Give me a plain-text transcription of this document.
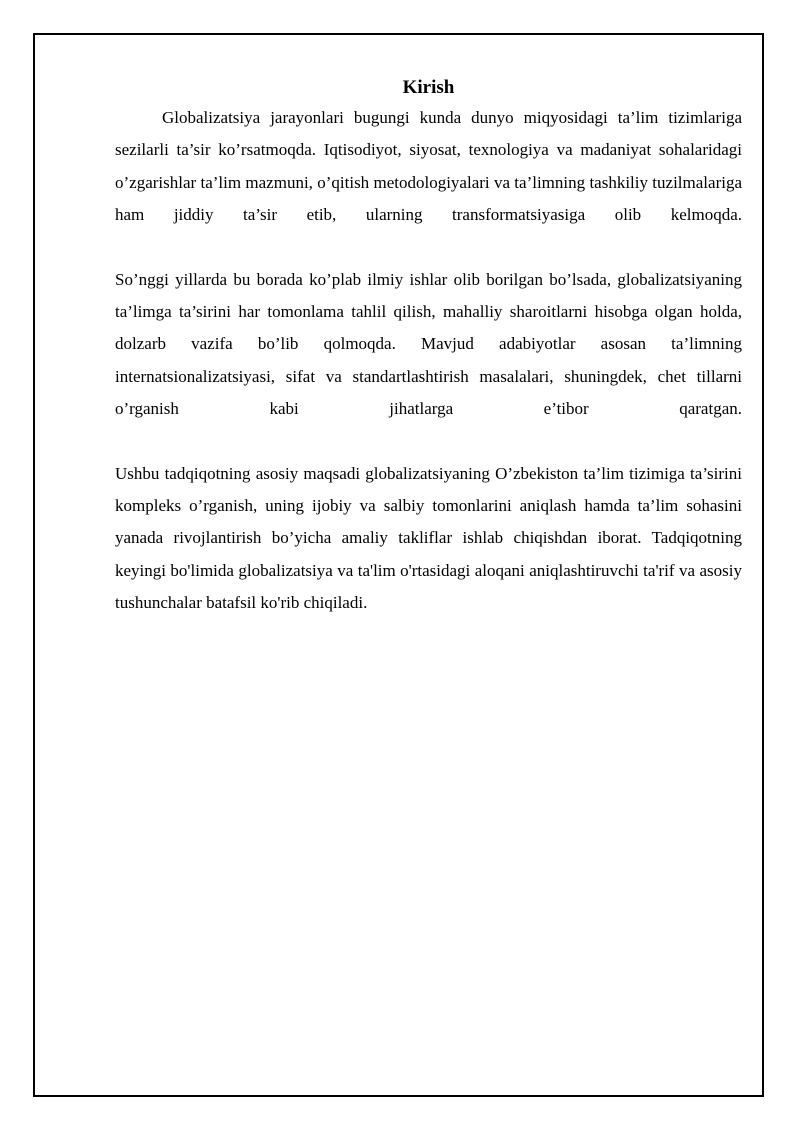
Kirish

Globalizatsiya jarayonlari bugungi kunda dunyo miqyosidagi ta’lim tizimlariga sezilarli ta’sir ko’rsatmoqda. Iqtisodiyot, siyosat, texnologiya va madaniyat sohalaridagi o’zgarishlar ta’lim mazmuni, o’qitish metodologiyalari va ta’limning tashkiliy tuzilmalariga ham jiddiy ta’sir etib, ularning transformatsiyasiga olib kelmoqda.

So’nggi yillarda bu borada ko’plab ilmiy ishlar olib borilgan bo’lsada, globalizatsiyaning ta’limga ta’sirini har tomonlama tahlil qilish, mahalliy sharoitlarni hisobga olgan holda, dolzarb vazifa bo’lib qolmoqda. Mavjud adabiyotlar asosan ta’limning internatsionalizatsiyasi, sifat va standartlashtirish masalalari, shuningdek, chet tillarni o’rganish kabi jihatlarga e’tibor qaratgan.

Ushbu tadqiqotning asosiy maqsadi globalizatsiyaning O’zbekiston ta’lim tizimiga ta’sirini kompleks o’rganish, uning ijobiy va salbiy tomonlarini aniqlash hamda ta’lim sohasini yanada rivojlantirish bo’yicha amaliy takliflar ishlab chiqishdan iborat. Tadqiqotning keyingi bo'limida globalizatsiya va ta'lim o'rtasidagi aloqani aniqlashtiruvchi ta'rif va asosiy tushunchalar batafsil ko'rib chiqiladi.
